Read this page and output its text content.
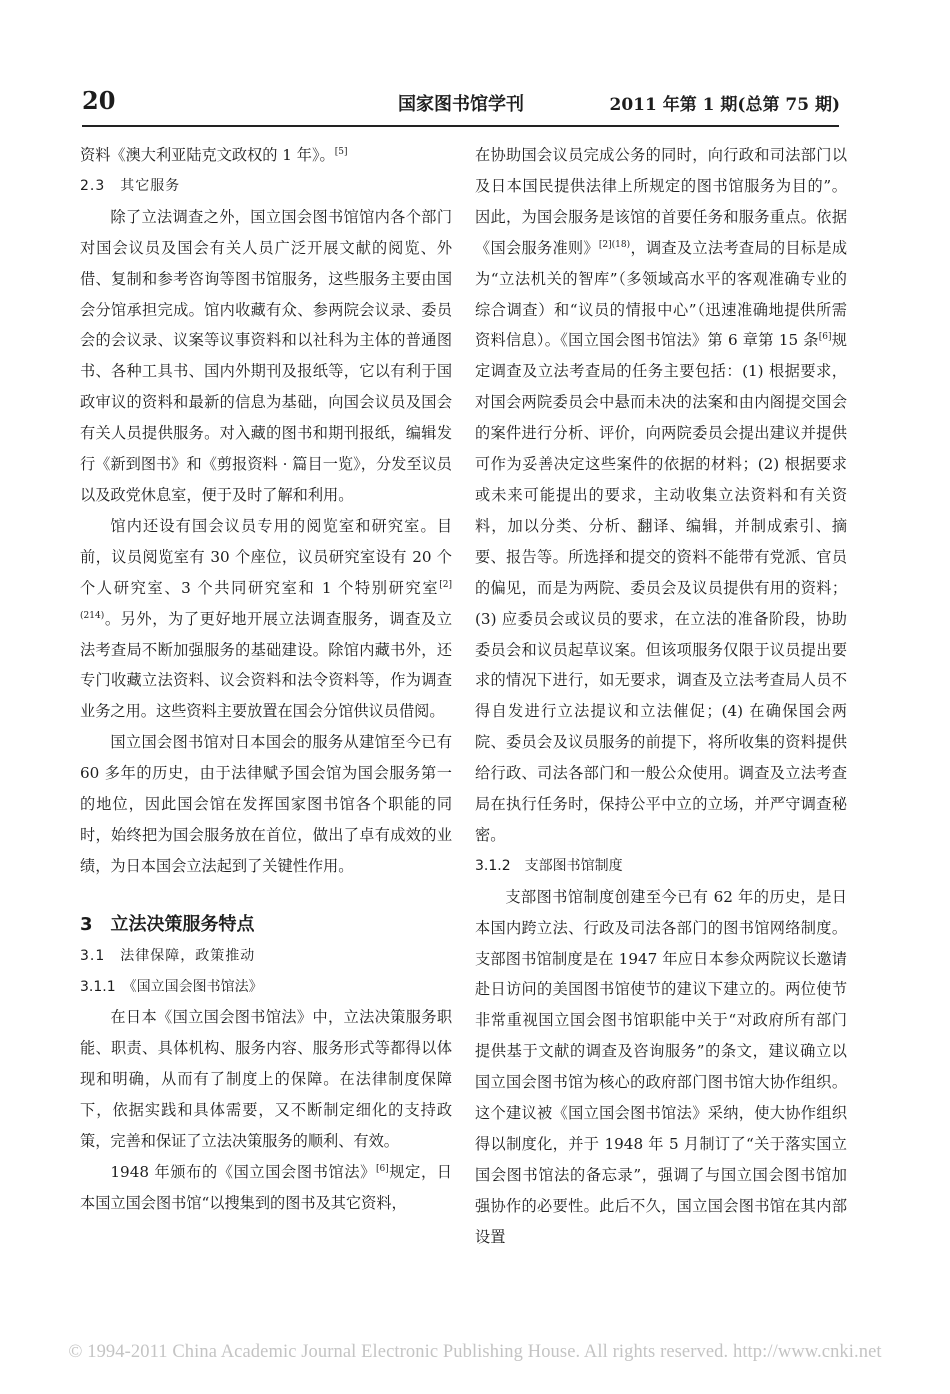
20	国家图书馆学刊	2011 年第 1 期(总第 75 期)

资料《澳大利亚陆克文政权的 1 年》。[5]

2.3　其它服务

除了立法调查之外，国立国会图书馆馆内各个部门对国会议员及国会有关人员广泛开展文献的阅览、外借、复制和参考咨询等图书馆服务，这些服务主要由国会分馆承担完成。馆内收藏有众、参两院会议录、委员会的会议录、议案等议事资料和以社科为主体的普通图书、各种工具书、国内外期刊及报纸等，它以有利于国政审议的资料和最新的信息为基础，向国会议员及国会有关人员提供服务。对入藏的图书和期刊报纸，编辑发行《新到图书》和《剪报资料 · 篇目一览》，分发至议员以及政党休息室，便于及时了解和利用。

馆内还设有国会议员专用的阅览室和研究室。目前，议员阅览室有 30 个座位，议员研究室设有 20 个个人研究室、3 个共同研究室和 1 个特别研究室$^{[2](214)}$。另外，为了更好地开展立法调查服务，调查及立法考查局不断加强服务的基础建设。除馆内藏书外，还专门收藏立法资料、议会资料和法令资料等，作为调查业务之用。这些资料主要放置在国会分馆供议员借阅。

国立国会图书馆对日本国会的服务从建馆至今已有 60 多年的历史，由于法律赋予国会馆为国会服务第一的地位，因此国会馆在发挥国家图书馆各个职能的同时，始终把为国会服务放在首位，做出了卓有成效的业绩，为日本国会立法起到了关键性作用。

3　立法决策服务特点
3.1　法律保障，政策推动
3.1.1　《国立国会图书馆法》

在日本《国立国会图书馆法》中，立法决策服务职能、职责、具体机构、服务内容、服务形式等都得以体现和明确，从而有了制度上的保障。在法律制度保障下，依据实践和具体需要，又不断制定细化的支持政策，完善和保证了立法决策服务的顺利、有效。

1948 年颁布的《国立国会图书馆法》[6]规定，日本国立国会图书馆“以搜集到的图书及其它资料，

在协助国会议员完成公务的同时，向行政和司法部门以及日本国民提供法律上所规定的图书馆服务为目的”。因此，为国会服务是该馆的首要任务和服务重点。依据《国会服务准则》$^{[2](18)}$，调查及立法考查局的目标是成为“立法机关的智库”（多领域高水平的客观准确专业的综合调查）和“议员的情报中心”（迅速准确地提供所需资料信息）。《国立国会图书馆法》第 6 章第 15 条[6]规定调查及立法考查局的任务主要包括：(1) 根据要求，对国会两院委员会中悬而未决的法案和由内阁提交国会的案件进行分析、评价，向两院委员会提出建议并提供可作为妥善决定这些案件的依据的材料；(2) 根据要求或未来可能提出的要求，主动收集立法资料和有关资料，加以分类、分析、翻译、编辑，并制成索引、摘要、报告等。所选择和提交的资料不能带有党派、官员的偏见，而是为两院、委员会及议员提供有用的资料；(3) 应委员会或议员的要求，在立法的准备阶段，协助委员会和议员起草议案。但该项服务仅限于议员提出要求的情况下进行，如无要求，调查及立法考查局人员不得自发进行立法提议和立法催促；(4) 在确保国会两院、委员会及议员服务的前提下，将所收集的资料提供给行政、司法各部门和一般公众使用。调查及立法考查局在执行任务时，保持公平中立的立场，并严守调查秘密。

3.1.2　支部图书馆制度

支部图书馆制度创建至今已有 62 年的历史，是日本国内跨立法、行政及司法各部门的图书馆网络制度。支部图书馆制度是在 1947 年应日本参众两院议长邀请赴日访问的美国图书馆使节的建议下建立的。两位使节非常重视国立国会图书馆职能中关于“对政府所有部门提供基于文献的调查及咨询服务”的条文，建议确立以国立国会图书馆为核心的政府部门图书馆大协作组织。这个建议被《国立国会图书馆法》采纳，使大协作组织得以制度化，并于 1948 年 5 月制订了“关于落实国立国会图书馆法的备忘录”，强调了与国立国会图书馆加强协作的必要性。此后不久，国立国会图书馆在其内部设置

© 1994-2011 China Academic Journal Electronic Publishing House. All rights reserved. http://www.cnki.net
